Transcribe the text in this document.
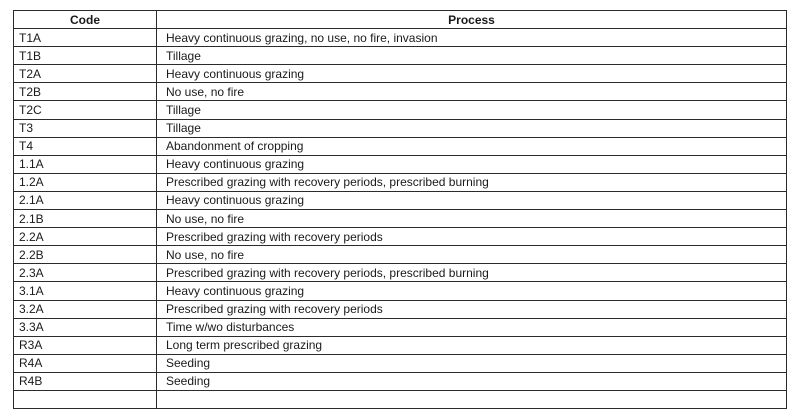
Code	Process
T1A	Heavy continuous grazing, no use, no fire, invasion
T1B	Tillage
T2A	Heavy continuous grazing
T2B	No use, no fire
T2C	Tillage
T3	Tillage
T4	Abandonment of cropping
1.1A	Heavy continuous grazing
1.2A	Prescribed grazing with recovery periods, prescribed burning
2.1A	Heavy continuous grazing
2.1B	No use, no fire
2.2A	Prescribed grazing with recovery periods
2.2B	No use, no fire
2.3A	Prescribed grazing with recovery periods, prescribed burning
3.1A	Heavy continuous grazing
3.2A	Prescribed grazing with recovery periods
3.3A	Time w/wo disturbances
R3A	Long term prescribed grazing
R4A	Seeding
R4B	Seeding
